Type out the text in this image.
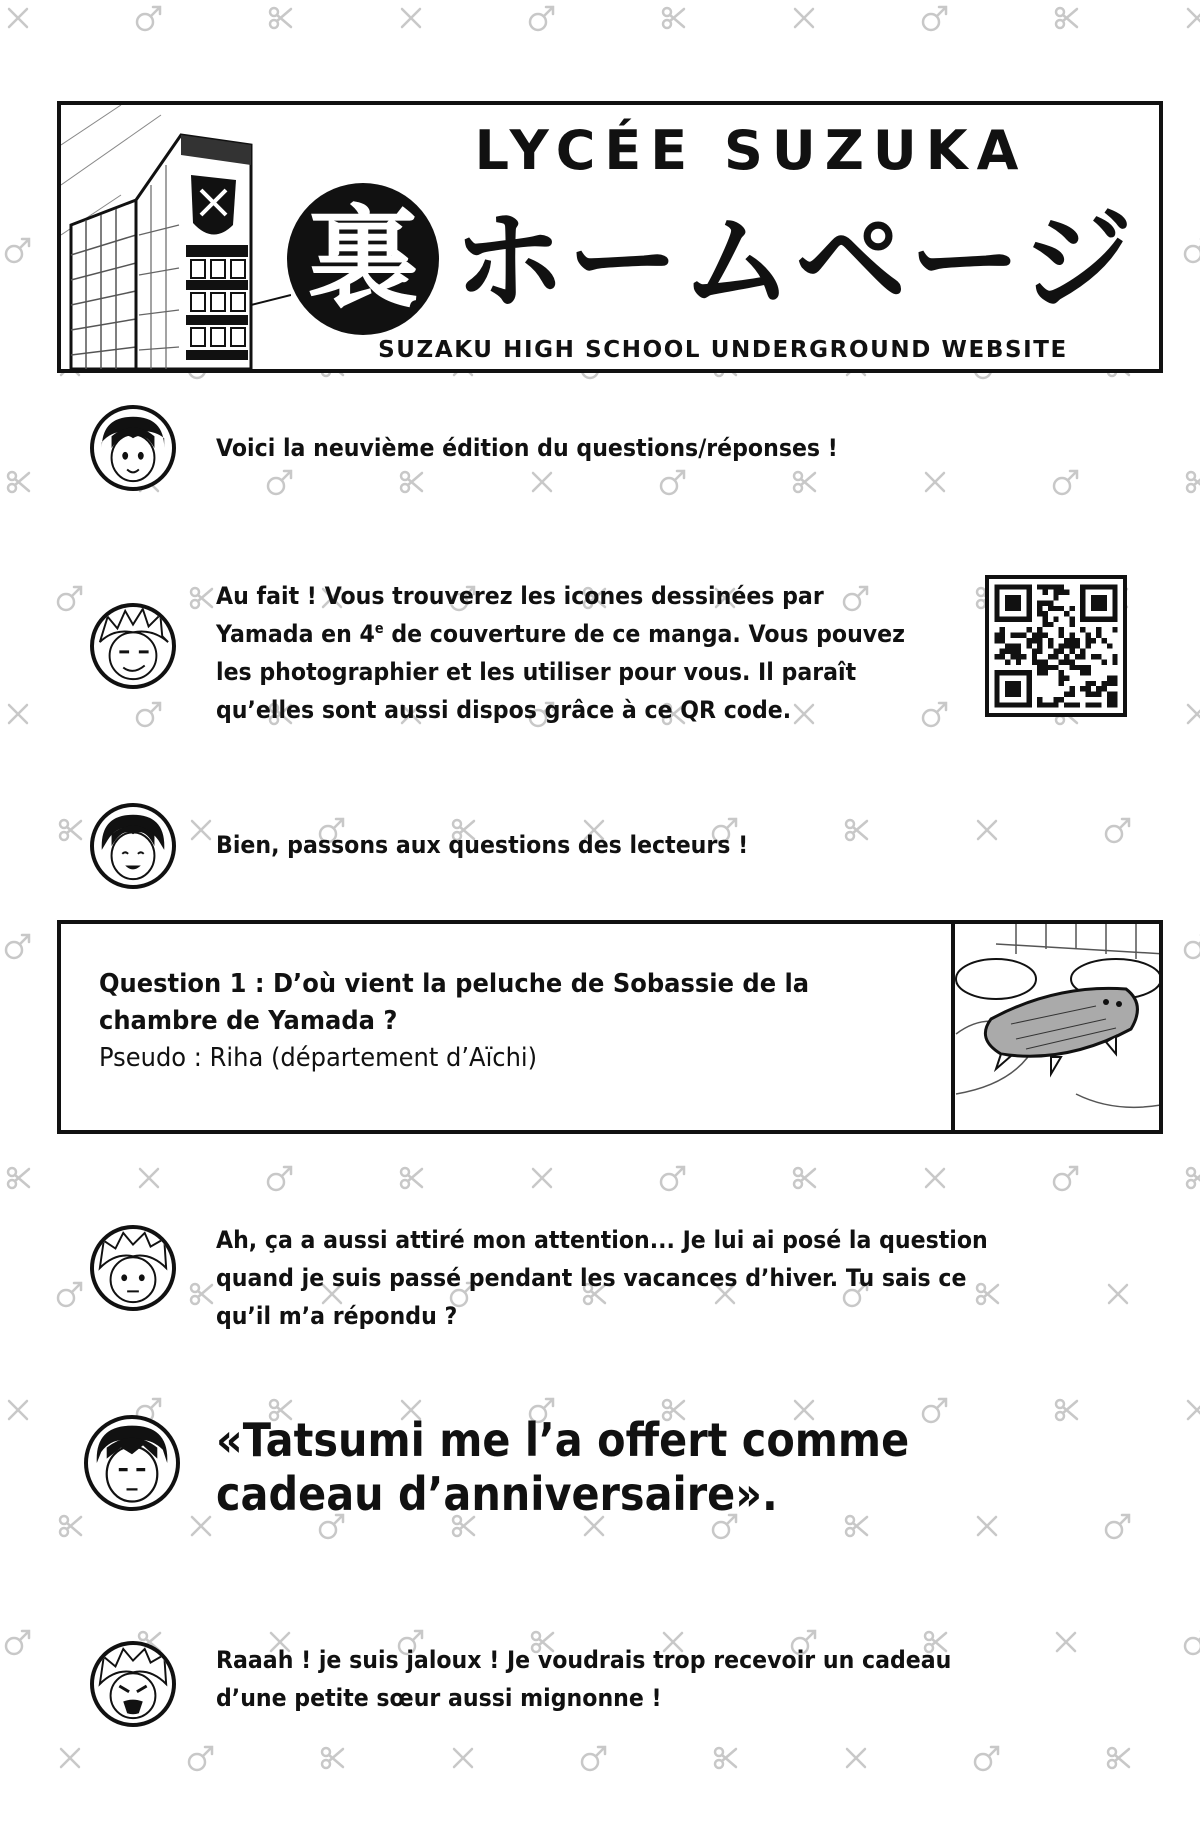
LYCÉE SUZUKA
裏 ホームページ
SUZAKU HIGH SCHOOL UNDERGROUND WEBSITE
Voici la neuvième édition du questions/réponses !
Au fait ! Vous trouverez les icones dessinées par Yamada en 4e de couverture de ce manga. Vous pouvez les photographier et les utiliser pour vous. Il paraît qu’elles sont aussi dispos grâce à ce QR code.
Bien, passons aux questions des lecteurs !
Question 1 : D’où vient la peluche de Sobassie de la chambre de Yamada ?
Pseudo : Riha (département d’Aïchi)
Ah, ça a aussi attiré mon attention... Je lui ai posé la question quand je suis passé pendant les vacances d’hiver. Tu sais ce qu’il m’a répondu ?
«Tatsumi me l’a offert comme cadeau d’anniversaire».
Raaah ! je suis jaloux ! Je voudrais trop recevoir un cadeau d’une petite sœur aussi mignonne !
